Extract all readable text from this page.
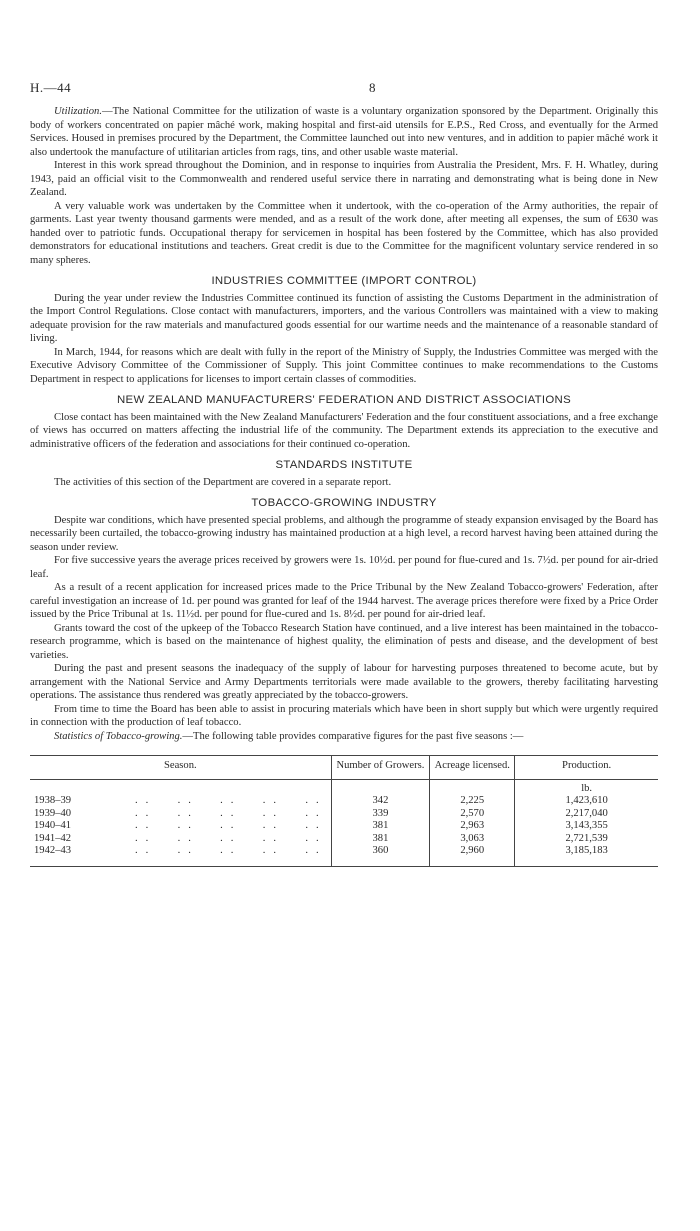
H.—44	8

Utilization.—The National Committee for the utilization of waste is a voluntary organization sponsored by the Department. Originally this body of workers concentrated on papier mâché work, making hospital and first-aid utensils for E.P.S., Red Cross, and eventually for the Armed Services. Housed in premises procured by the Department, the Committee launched out into new ventures, and in addition to papier mâché work it also undertook the manufacture of utilitarian articles from rags, tins, and other usable waste material.

Interest in this work spread throughout the Dominion, and in response to inquiries from Australia the President, Mrs. F. H. Whatley, during 1943, paid an official visit to the Commonwealth and rendered useful service there in narrating and demonstrating what is being done in New Zealand.

A very valuable work was undertaken by the Committee when it undertook, with the co-operation of the Army authorities, the repair of garments. Last year twenty thousand garments were mended, and as a result of the work done, after meeting all expenses, the sum of £630 was handed over to patriotic funds. Occupational therapy for servicemen in hospital has been fostered by the Committee, which has also provided demonstrators for educational institutions and teachers. Great credit is due to the Committee for the magnificent voluntary service rendered in so many spheres.

INDUSTRIES COMMITTEE (IMPORT CONTROL)

During the year under review the Industries Committee continued its function of assisting the Customs Department in the administration of the Import Control Regulations. Close contact with manufacturers, importers, and the various Controllers was maintained with a view to making adequate provision for the raw materials and manufactured goods essential for our wartime needs and the maintenance of a reasonable standard of living.

In March, 1944, for reasons which are dealt with fully in the report of the Ministry of Supply, the Industries Committee was merged with the Executive Advisory Committee of the Commissioner of Supply. This joint Committee continues to make recommendations to the Customs Department in respect to applications for licenses to import certain classes of commodities.

NEW ZEALAND MANUFACTURERS' FEDERATION AND DISTRICT ASSOCIATIONS

Close contact has been maintained with the New Zealand Manufacturers' Federation and the four constituent associations, and a free exchange of views has occurred on matters affecting the industrial life of the community. The Department extends its appreciation to the executive and administrative officers of the federation and associations for their continued co-operation.

STANDARDS INSTITUTE

The activities of this section of the Department are covered in a separate report.

TOBACCO-GROWING INDUSTRY

Despite war conditions, which have presented special problems, and although the programme of steady expansion envisaged by the Board has necessarily been curtailed, the tobacco-growing industry has maintained production at a high level, a record harvest having been attained during the season under review.

For five successive years the average prices received by growers were 1s. 10½d. per pound for flue-cured and 1s. 7½d. per pound for air-dried leaf.

As a result of a recent application for increased prices made to the Price Tribunal by the New Zealand Tobacco-growers' Federation, after careful investigation an increase of 1d. per pound was granted for leaf of the 1944 harvest. The average prices therefore were fixed by a Price Order issued by the Price Tribunal at 1s. 11½d. per pound for flue-cured and 1s. 8½d. per pound for air-dried leaf.

Grants toward the cost of the upkeep of the Tobacco Research Station have continued, and a live interest has been maintained in the tobacco-research programme, which is based on the maintenance of highest quality, the elimination of pests and disease, and the development of best varieties.

During the past and present seasons the inadequacy of the supply of labour for harvesting purposes threatened to become acute, but by arrangement with the National Service and Army Departments territorials were made available to the growers, thereby facilitating harvesting operations. The assistance thus rendered was greatly appreciated by the tobacco-growers.

From time to time the Board has been able to assist in procuring materials which have been in short supply but which were urgently required in connection with the production of leaf tobacco.

Statistics of Tobacco-growing.—The following table provides comparative figures for the past five seasons :—

Season.	Number of Growers.	Acreage licensed.	Production.
			lb.
1938–39      ..  ..  ..  ..  ..	342	2,225	1,423,610
1939–40      ..  ..  ..  ..  ..	339	2,570	2,217,040
1940–41      ..  ..  ..  ..  ..	381	2,963	3,143,355
1941–42      ..  ..  ..  ..  ..	381	3,063	2,721,539
1942–43      ..  ..  ..  ..  ..	360	2,960	3,185,183
